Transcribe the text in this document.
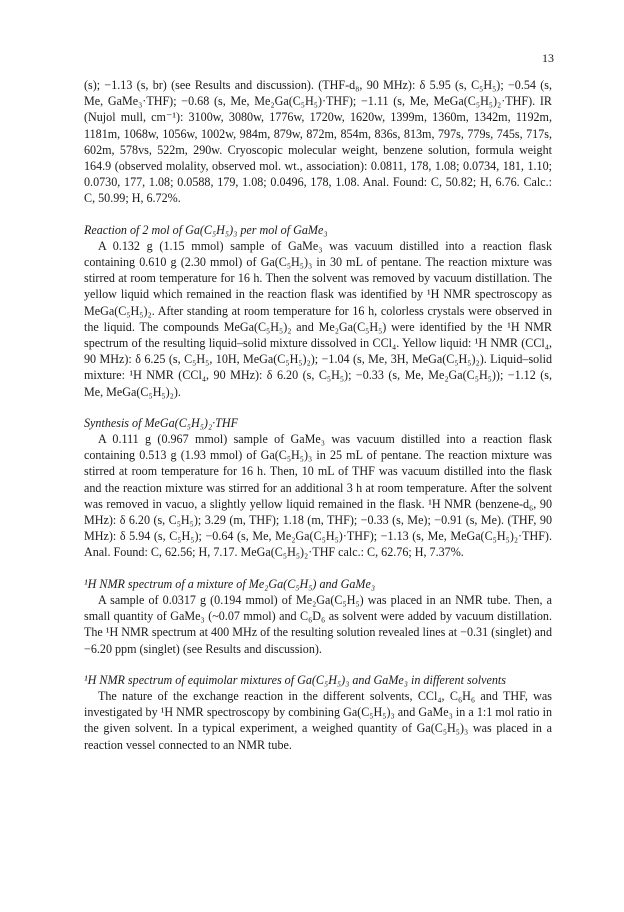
13

(s); −1.13 (s, br) (see Results and discussion). (THF-d₈, 90 MHz): δ 5.95 (s, C₅H₅); −0.54 (s, Me, GaMe₃·THF); −0.68 (s, Me, Me₂Ga(C₅H₅)·THF); −1.11 (s, Me, MeGa(C₅H₅)₂·THF). IR (Nujol mull, cm⁻¹): 3100w, 3080w, 1776w, 1720w, 1620w, 1399m, 1360m, 1342m, 1192m, 1181m, 1068w, 1056w, 1002w, 984m, 879w, 872m, 854m, 836s, 813m, 797s, 779s, 745s, 717s, 602m, 578vs, 522m, 290w. Cryoscopic molecular weight, benzene solution, formula weight 164.9 (observed molality, observed mol. wt., association): 0.0811, 178, 1.08; 0.0734, 181, 1.10; 0.0730, 177, 1.08; 0.0588, 179, 1.08; 0.0496, 178, 1.08. Anal. Found: C, 50.82; H, 6.76. Calc.: C, 50.99; H, 6.72%.

Reaction of 2 mol of Ga(C₅H₅)₃ per mol of GaMe₃

A 0.132 g (1.15 mmol) sample of GaMe₃ was vacuum distilled into a reaction flask containing 0.610 g (2.30 mmol) of Ga(C₅H₅)₃ in 30 mL of pentane. The reaction mixture was stirred at room temperature for 16 h. Then the solvent was removed by vacuum distillation. The yellow liquid which remained in the reaction flask was identified by ¹H NMR spectroscopy as MeGa(C₅H₅)₂. After standing at room temperature for 16 h, colorless crystals were observed in the liquid. The compounds MeGa(C₅H₅)₂ and Me₂Ga(C₅H₅) were identified by the ¹H NMR spectrum of the resulting liquid–solid mixture dissolved in CCl₄. Yellow liquid: ¹H NMR (CCl₄, 90 MHz): δ 6.25 (s, C₅H₅, 10H, MeGa(C₅H₅)₂); −1.04 (s, Me, 3H, MeGa(C₅H₅)₂). Liquid–solid mixture: ¹H NMR (CCl₄, 90 MHz): δ 6.20 (s, C₅H₅); −0.33 (s, Me, Me₂Ga(C₅H₅)); −1.12 (s, Me, MeGa(C₅H₅)₂).

Synthesis of MeGa(C₅H₅)₂·THF

A 0.111 g (0.967 mmol) sample of GaMe₃ was vacuum distilled into a reaction flask containing 0.513 g (1.93 mmol) of Ga(C₅H₅)₃ in 25 mL of pentane. The reaction mixture was stirred at room temperature for 16 h. Then, 10 mL of THF was vacuum distilled into the flask and the reaction mixture was stirred for an additional 3 h at room temperature. After the solvent was removed in vacuo, a slightly yellow liquid remained in the flask. ¹H NMR (benzene-d₆, 90 MHz): δ 6.20 (s, C₅H₅); 3.29 (m, THF); 1.18 (m, THF); −0.33 (s, Me); −0.91 (s, Me). (THF, 90 MHz): δ 5.94 (s, C₅H₅); −0.64 (s, Me, Me₂Ga(C₅H₅)·THF); −1.13 (s, Me, MeGa(C₅H₅)₂·THF). Anal. Found: C, 62.56; H, 7.17. MeGa(C₅H₅)₂·THF calc.: C, 62.76; H, 7.37%.

¹H NMR spectrum of a mixture of Me₂Ga(C₅H₅) and GaMe₃

A sample of 0.0317 g (0.194 mmol) of Me₂Ga(C₅H₅) was placed in an NMR tube. Then, a small quantity of GaMe₃ (~0.07 mmol) and C₆D₆ as solvent were added by vacuum distillation. The ¹H NMR spectrum at 400 MHz of the resulting solution revealed lines at −0.31 (singlet) and −6.20 ppm (singlet) (see Results and discussion).

¹H NMR spectrum of equimolar mixtures of Ga(C₅H₅)₃ and GaMe₃ in different solvents

The nature of the exchange reaction in the different solvents, CCl₄, C₆H₆ and THF, was investigated by ¹H NMR spectroscopy by combining Ga(C₅H₅)₃ and GaMe₃ in a 1:1 mol ratio in the given solvent. In a typical experiment, a weighed quantity of Ga(C₅H₅)₃ was placed in a reaction vessel connected to an NMR tube.
